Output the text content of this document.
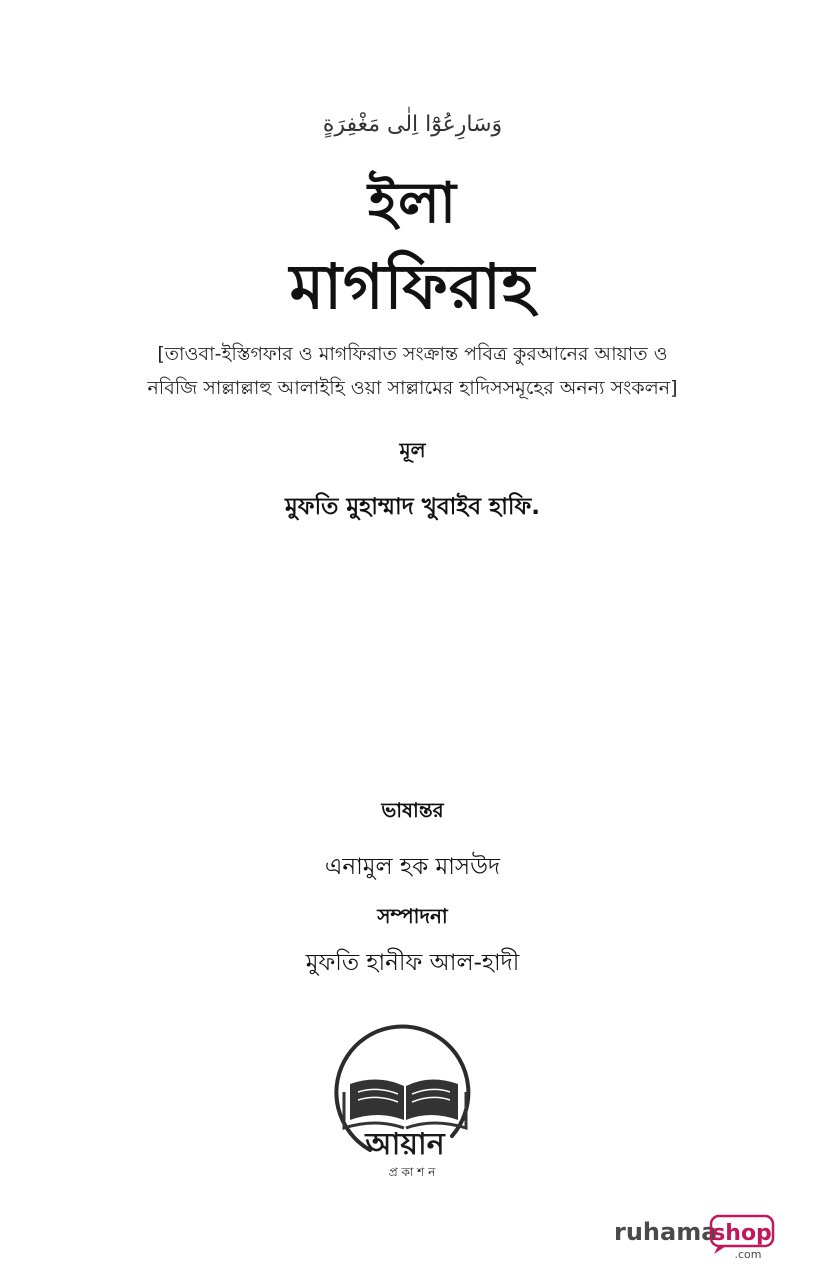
وَسَارِعُوْٓا اِلٰى مَغْفِرَةٍ
ইলা
মাগফিরাহ
[তাওবা-ইস্তিগফার ও মাগফিরাত সংক্রান্ত পবিত্র কুরআনের আয়াত ও
নবিজি সাল্লাল্লাহু আলাইহি ওয়া সাল্লামের হাদিসসমূহের অনন্য সংকলন]
মূল
মুফতি মুহাম্মাদ খুবাইব হাফি.
ভাষান্তর
এনামুল হক মাসউদ
সম্পাদনা
মুফতি হানীফ আল-হাদী
আয়ান
প্র কা শ ন
ruhama
shop
.com
